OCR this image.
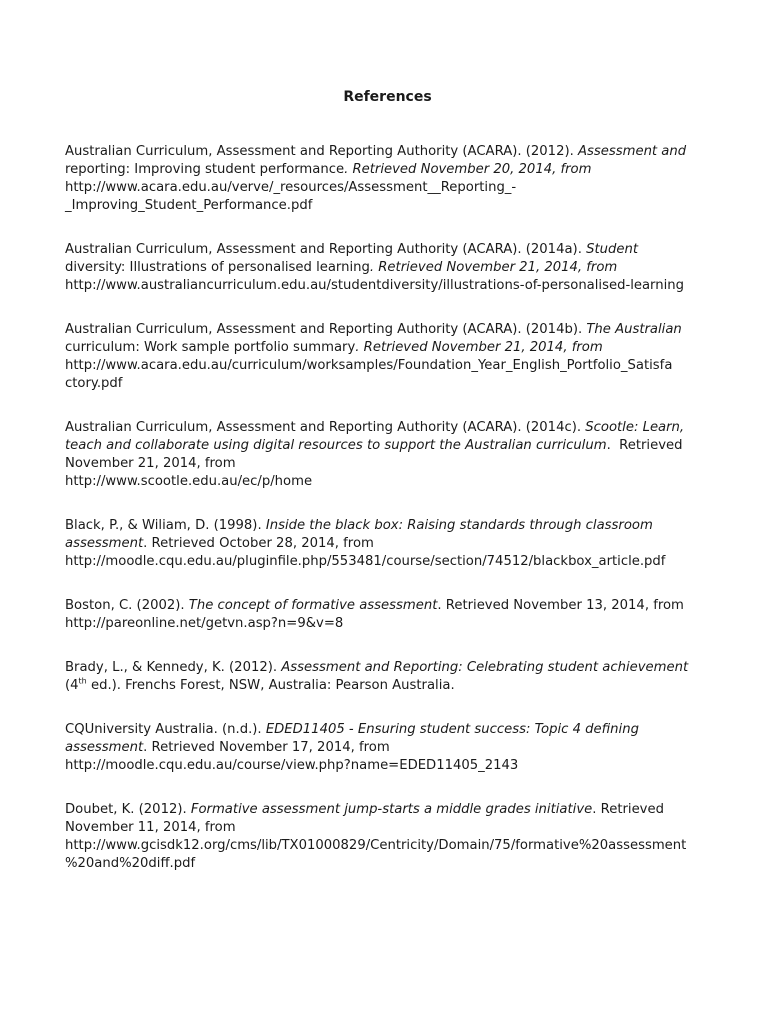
References
Australian Curriculum, Assessment and Reporting Authority (ACARA). (2012). Assessment and
reporting: Improving student performance. Retrieved November 20, 2014, from
http://www.acara.edu.au/verve/_resources/Assessment__Reporting_-
_Improving_Student_Performance.pdf
Australian Curriculum, Assessment and Reporting Authority (ACARA). (2014a). Student
diversity: Illustrations of personalised learning. Retrieved November 21, 2014, from
http://www.australiancurriculum.edu.au/studentdiversity/illustrations-of-personalised-learning
Australian Curriculum, Assessment and Reporting Authority (ACARA). (2014b). The Australian
curriculum: Work sample portfolio summary. Retrieved November 21, 2014, from
http://www.acara.edu.au/curriculum/worksamples/Foundation_Year_English_Portfolio_Satisfa
ctory.pdf
Australian Curriculum, Assessment and Reporting Authority (ACARA). (2014c). Scootle: Learn,
teach and collaborate using digital resources to support the Australian curriculum.  Retrieved
November 21, 2014, from
http://www.scootle.edu.au/ec/p/home
Black, P., & Wiliam, D. (1998). Inside the black box: Raising standards through classroom
assessment. Retrieved October 28, 2014, from
http://moodle.cqu.edu.au/pluginfile.php/553481/course/section/74512/blackbox_article.pdf
Boston, C. (2002). The concept of formative assessment. Retrieved November 13, 2014, from
http://pareonline.net/getvn.asp?n=9&v=8
Brady, L., & Kennedy, K. (2012). Assessment and Reporting: Celebrating student achievement
(4th ed.). Frenchs Forest, NSW, Australia: Pearson Australia.
CQUniversity Australia. (n.d.). EDED11405 - Ensuring student success: Topic 4 defining
assessment. Retrieved November 17, 2014, from
http://moodle.cqu.edu.au/course/view.php?name=EDED11405_2143
Doubet, K. (2012). Formative assessment jump-starts a middle grades initiative. Retrieved
November 11, 2014, from
http://www.gcisdk12.org/cms/lib/TX01000829/Centricity/Domain/75/formative%20assessment
%20and%20diff.pdf
